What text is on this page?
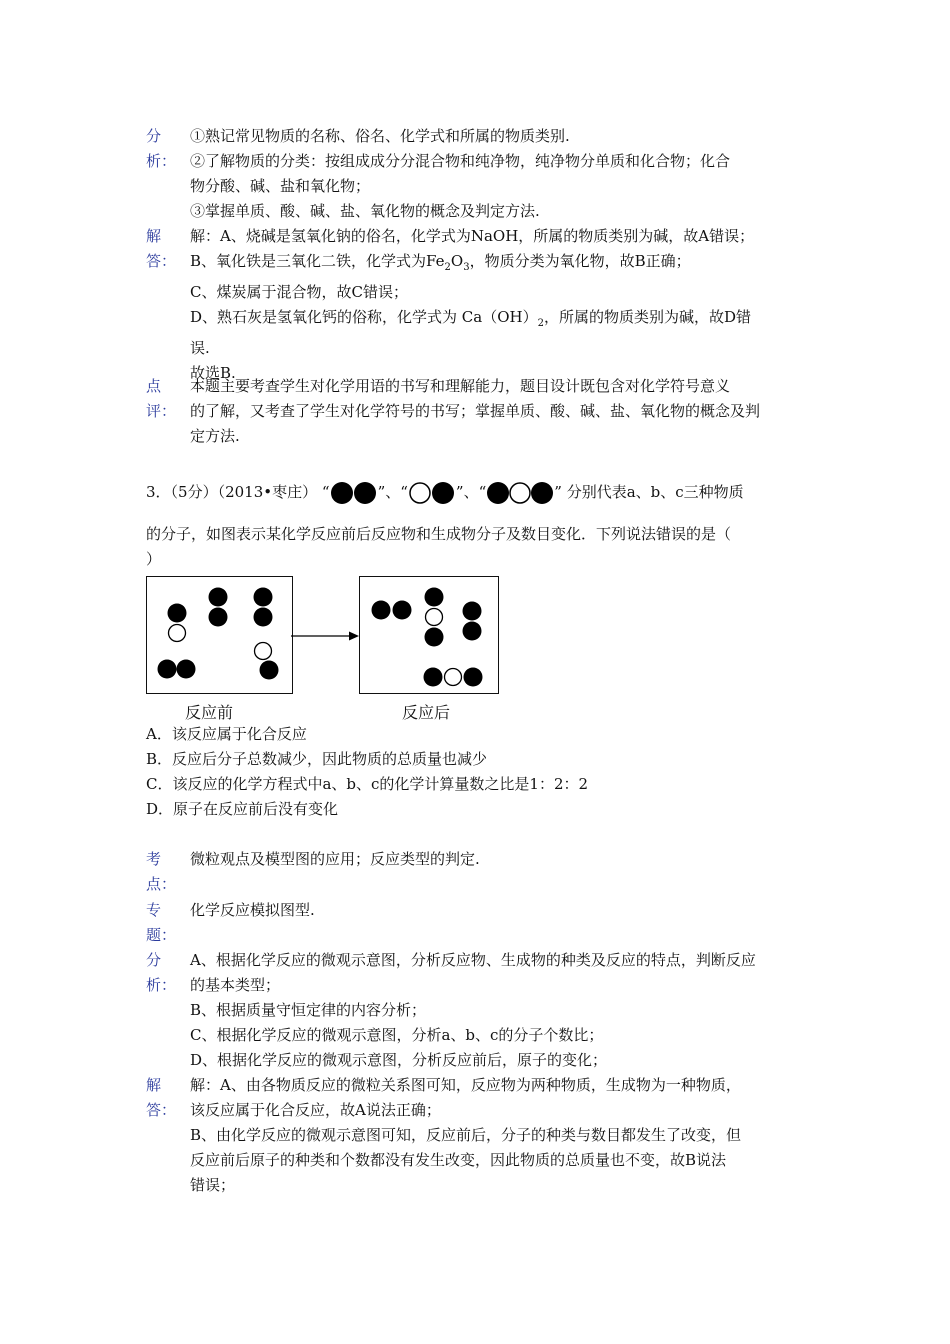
分
析：

①熟记常见物质的名称、俗名、化学式和所属的物质类别.

②了解物质的分类：按组成成分分混合物和纯净物，纯净物分单质和化合物；化合

物分酸、碱、盐和氧化物；

③掌握单质、酸、碱、盐、氧化物的概念及判定方法.

解
答：

解：A、烧碱是氢氧化钠的俗名，化学式为NaOH，所属的物质类别为碱，故A错误；

B、氧化铁是三氧化二铁，化学式为$Fe_2O_3$，物质分类为氧化物，故B正确；

C、煤炭属于混合物，故C错误；

D、熟石灰是氢氧化钙的俗称，化学式为 $Ca(OH)_2$，所属的物质类别为碱，故D错

误.

故选B.

点
评：

本题主要考查学生对化学用语的书写和理解能力，题目设计既包含对化学符号意义

的了解，又考查了学生对化学符号的书写；掌握单质、酸、碱、盐、氧化物的概念及判

定方法.

3．（5分）（2013•枣庄） “	”、“	”、“	” 分别代表a、b、c三种物质

的分子，如图表示某化学反应前后反应物和生成物分子及数目变化．下列说法错误的是（

）

反应前	反应后
A．该反应属于化合反应
B．反应后分子总数减少，因此物质的总质量也减少
C．该反应的化学方程式中a、b、c的化学计算量数之比是1：2：2
D．原子在反应前后没有变化
考
点：

微粒观点及模型图的应用；反应类型的判定.

专
题：

化学反应模拟图型.

分
析：

A、根据化学反应的微观示意图，分析反应物、生成物的种类及反应的特点，判断反应

的基本类型；

B、根据质量守恒定律的内容分析；

C、根据化学反应的微观示意图，分析a、b、c的分子个数比；

D、根据化学反应的微观示意图，分析反应前后，原子的变化；

解
答：

解：A、由各物质反应的微粒关系图可知，反应物为两种物质，生成物为一种物质，

该反应属于化合反应，故A说法正确；

B、由化学反应的微观示意图可知，反应前后，分子的种类与数目都发生了改变，但

反应前后原子的种类和个数都没有发生改变，因此物质的总质量也不变，故B说法

错误；
